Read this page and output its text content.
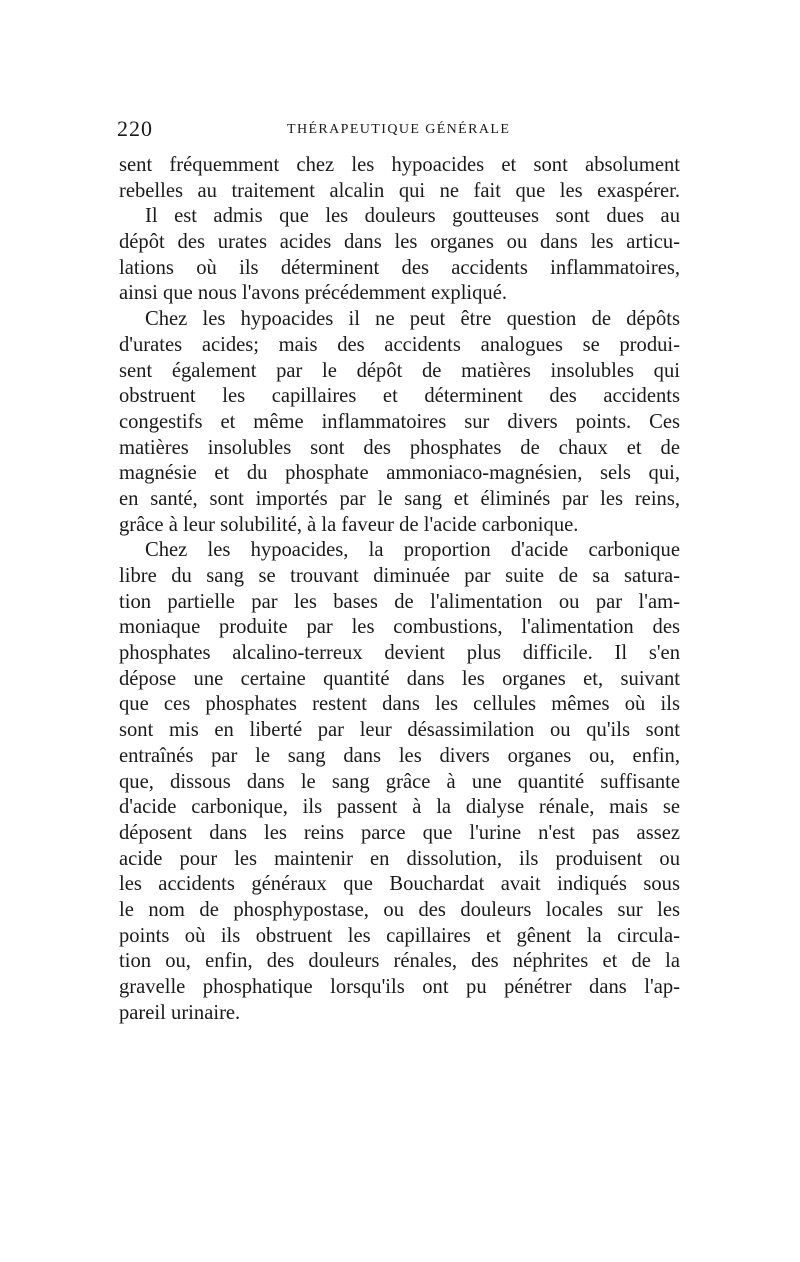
220	THÉRAPEUTIQUE GÉNÉRALE
sent fréquemment chez les hypoacides et sont absolument
rebelles au traitement alcalin qui ne fait que les exaspérer.
Il est admis que les douleurs goutteuses sont dues au
dépôt des urates acides dans les organes ou dans les articu-
lations où ils déterminent des accidents inflammatoires,
ainsi que nous l'avons précédemment expliqué.
Chez les hypoacides il ne peut être question de dépôts
d'urates acides; mais des accidents analogues se produi-
sent également par le dépôt de matières insolubles qui
obstruent les capillaires et déterminent des accidents
congestifs et même inflammatoires sur divers points. Ces
matières insolubles sont des phosphates de chaux et de
magnésie et du phosphate ammoniaco-magnésien, sels qui,
en santé, sont importés par le sang et éliminés par les reins,
grâce à leur solubilité, à la faveur de l'acide carbonique.
Chez les hypoacides, la proportion d'acide carbonique
libre du sang se trouvant diminuée par suite de sa satura-
tion partielle par les bases de l'alimentation ou par l'am-
moniaque produite par les combustions, l'alimentation des
phosphates alcalino-terreux devient plus difficile. Il s'en
dépose une certaine quantité dans les organes et, suivant
que ces phosphates restent dans les cellules mêmes où ils
sont mis en liberté par leur désassimilation ou qu'ils sont
entraînés par le sang dans les divers organes ou, enfin,
que, dissous dans le sang grâce à une quantité suffisante
d'acide carbonique, ils passent à la dialyse rénale, mais se
déposent dans les reins parce que l'urine n'est pas assez
acide pour les maintenir en dissolution, ils produisent ou
les accidents généraux que Bouchardat avait indiqués sous
le nom de phosphypostase, ou des douleurs locales sur les
points où ils obstruent les capillaires et gênent la circula-
tion ou, enfin, des douleurs rénales, des néphrites et de la
gravelle phosphatique lorsqu'ils ont pu pénétrer dans l'ap-
pareil urinaire.
